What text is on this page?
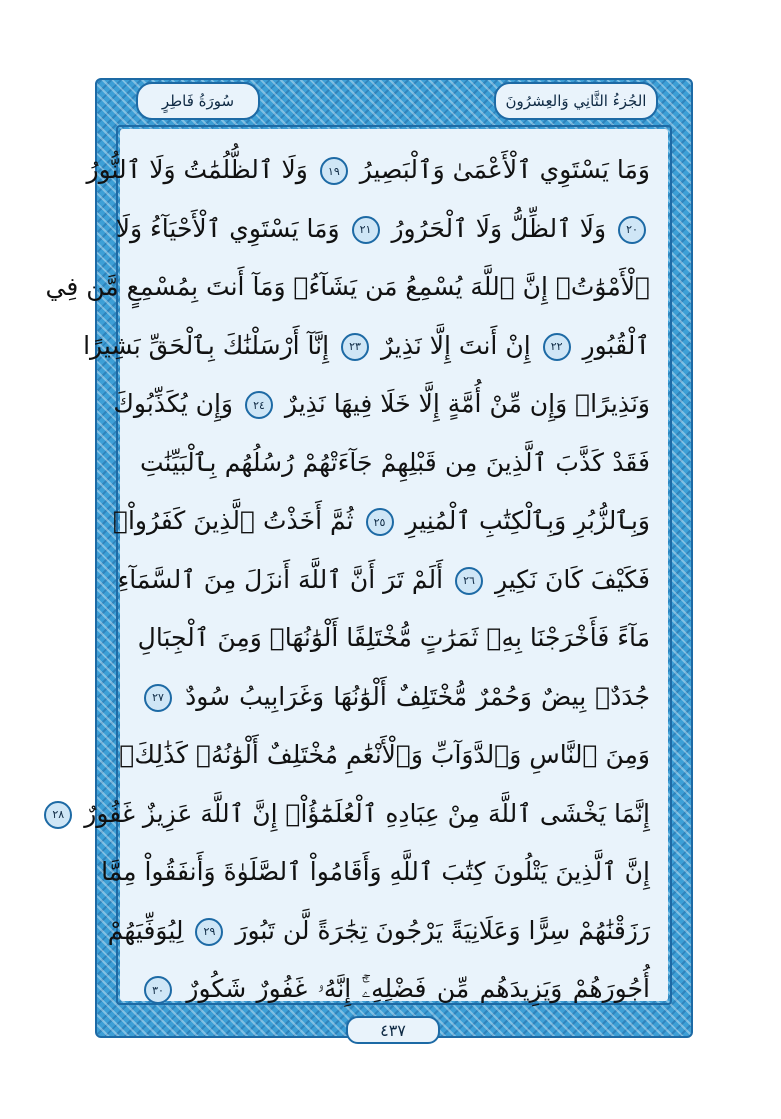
الجُزءُ الثَّانِي وَالعِشرُونَ
سُورَةُ فَاطِرٍ
وَمَا يَسْتَوِي ٱلْأَعْمَىٰ وَٱلْبَصِيرُ ١٩ وَلَا ٱلظُّلُمَٰتُ وَلَا ٱلنُّورُ
٢٠ وَلَا ٱلظِّلُّ وَلَا ٱلْحَرُورُ ٢١ وَمَا يَسْتَوِي ٱلْأَحْيَآءُ وَلَا
ٱلْأَمْوَٰتُۚ إِنَّ ٱللَّهَ يُسْمِعُ مَن يَشَآءُۖ وَمَآ أَنتَ بِمُسْمِعٍ مَّن فِي
ٱلْقُبُورِ ٢٢ إِنْ أَنتَ إِلَّا نَذِيرٌ ٢٣ إِنَّآ أَرْسَلْنَٰكَ بِٱلْحَقِّ بَشِيرًا
وَنَذِيرًاۚ وَإِن مِّنْ أُمَّةٍ إِلَّا خَلَا فِيهَا نَذِيرٌ ٢٤ وَإِن يُكَذِّبُوكَ
فَقَدْ كَذَّبَ ٱلَّذِينَ مِن قَبْلِهِمْ جَآءَتْهُمْ رُسُلُهُم بِٱلْبَيِّنَٰتِ
وَبِٱلزُّبُرِ وَبِٱلْكِتَٰبِ ٱلْمُنِيرِ ٢٥ ثُمَّ أَخَذْتُ ٱلَّذِينَ كَفَرُواْۖ
فَكَيْفَ كَانَ نَكِيرِ ٢٦ أَلَمْ تَرَ أَنَّ ٱللَّهَ أَنزَلَ مِنَ ٱلسَّمَآءِ
مَآءً فَأَخْرَجْنَا بِهِۦ ثَمَرَٰتٍ مُّخْتَلِفًا أَلْوَٰنُهَاۚ وَمِنَ ٱلْجِبَالِ
جُدَدٌۢ بِيضٌ وَحُمْرٌ مُّخْتَلِفٌ أَلْوَٰنُهَا وَغَرَابِيبُ سُودٌ ٢٧
وَمِنَ ٱلنَّاسِ وَٱلدَّوَآبِّ وَٱلْأَنْعَٰمِ مُخْتَلِفٌ أَلْوَٰنُهُۥ كَذَٰلِكَۗ
إِنَّمَا يَخْشَى ٱللَّهَ مِنْ عِبَادِهِ ٱلْعُلَمَٰٓؤُاْۗ إِنَّ ٱللَّهَ عَزِيزٌ غَفُورٌ ٢٨
إِنَّ ٱلَّذِينَ يَتْلُونَ كِتَٰبَ ٱللَّهِ وَأَقَامُواْ ٱلصَّلَوٰةَ وَأَنفَقُواْ مِمَّا
رَزَقْنَٰهُمْ سِرًّا وَعَلَانِيَةً يَرْجُونَ تِجَٰرَةً لَّن تَبُورَ ٢٩ لِيُوَفِّيَهُمْ
أُجُورَهُمْ وَيَزِيدَهُم مِّن فَضْلِهِۦٓۚ إِنَّهُۥ غَفُورٌ شَكُورٌ ٣٠
٤٣٧
